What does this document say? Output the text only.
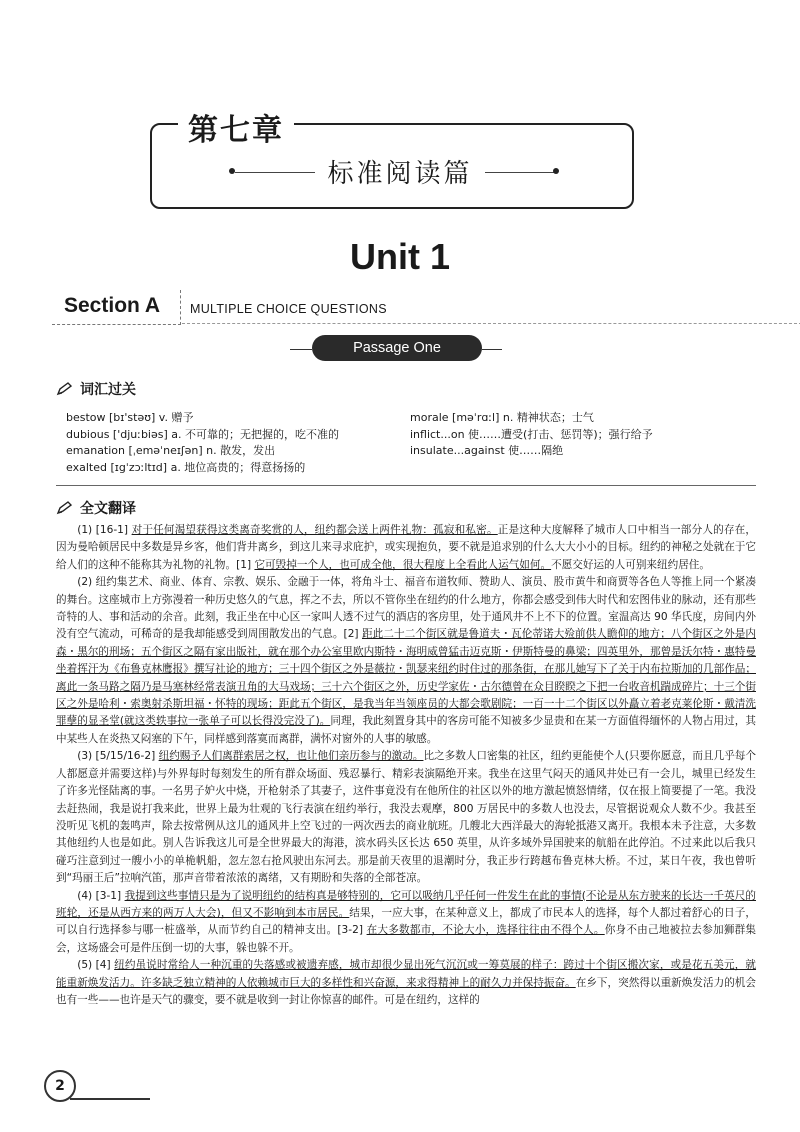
第七章
标准阅读篇
Unit 1
Section A MULTIPLE CHOICE QUESTIONS
Passage One
词汇过关
bestow [bɪ'stəʊ] v. 赠予
dubious ['djuːbiəs] a. 不可靠的；无把握的，吃不准的
emanation [ˌeməˈneɪʃən] n. 散发，发出
exalted [ɪgˈzɔːltɪd] a. 地位高贵的；得意扬扬的
morale [məˈrɑːl] n. 精神状态；士气
inflict...on 使……遭受(打击、惩罚等)；强行给予
insulate...against 使……隔绝
全文翻译

(1) [16-1] 对于任何渴望获得这类离奇奖赏的人，纽约都会送上两件礼物：孤寂和私密。正是这种大度解释了城市人口中相当一部分人的存在，因为曼哈顿居民中多数是异乡客，他们背井离乡，到这儿来寻求庇护，或实现抱负，要不就是追求别的什么大大小小的目标。纽约的神秘之处就在于它给人们的这种不能称其为礼物的礼物。[1] 它可毁掉一个人，也可成全他，很大程度上全看此人运气如何。不愿交好运的人可别来纽约居住。

(2) 纽约集艺术、商业、体育、宗教、娱乐、金融于一体，将角斗士、福音布道牧师、赞助人、演员、股市黄牛和商贾等各色人等推上同一个紧凑的舞台。这座城市上方弥漫着一种历史悠久的气息，挥之不去，所以不管你坐在纽约的什么地方，你都会感受到伟大时代和宏图伟业的脉动，还有那些奇特的人、事和活动的余音。此刻，我正坐在中心区一家叫人透不过气的酒店的客房里，处于通风井不上不下的位置。室温高达 90 华氏度，房间内外没有空气流动，可稀奇的是我却能感受到周围散发出的气息。[2] 距此二十二个街区就是鲁道夫・瓦伦蒂诺大殓前供人瞻仰的地方；八个街区之外是内森・黑尔的刑场；五个街区之隔有家出版社，就在那个办公室里欧内斯特・海明威曾猛击迈克斯・伊斯特曼的鼻梁；四英里外，那曾是沃尔特・惠特曼坐着挥汗为《布鲁克林鹰报》撰写社论的地方；三十四个街区之外是薇拉・凯瑟来纽约时住过的那条街，在那儿她写下了关于内布拉斯加的几部作品；离此一条马路之隔乃是马塞林经常表演丑角的大马戏场；三十六个街区之外，历史学家佐・古尔德曾在众目睽睽之下把一台收音机踹成碎片；十三个街区之外是哈利・索奥射杀斯坦福・怀特的现场；距此五个街区，是我当年当领座员的大都会歌剧院；一百一十二个街区以外矗立着老克莱伦斯・戴清洗罪孽的显圣堂(就这类轶事拉一张单子可以长得没完没了)。同理，我此刻置身其中的客房可能不知被多少显贵和在某一方面值得缅怀的人物占用过，其中某些人在炎热又闷塞的下午，同样感到落寞而离群，满怀对窗外的人事的敏感。

(3) [5/15/16-2] 纽约赐予人们离群索居之权，也让他们亲历参与的激动。比之多数人口密集的社区，纽约更能使个人(只要你愿意，而且几乎每个人都愿意并需要这样)与外界每时每刻发生的所有群众场面、残忍暴行、精彩表演隔绝开来。我坐在这里气闷天的通风井处已有一会儿，城里已经发生了许多光怪陆离的事。一名男子妒火中烧，开枪射杀了其妻子，这件事竟没有在他所住的社区以外的地方激起愤怒情绪，仅在报上简要提了一笔。我没去赶热闹，我是说打我来此，世界上最为壮观的飞行表演在纽约举行，我没去观摩，800 万居民中的多数人也没去，尽管据说观众人数不少。我甚至没听见飞机的轰鸣声，除去按常例从这儿的通风井上空飞过的一两次西去的商业航班。几艘北大西洋最大的海轮抵港又离开。我根本未予注意，大多数其他纽约人也是如此。别人告诉我这儿可是全世界最大的海港，滨水码头区长达 650 英里，从许多域外异国驶来的航船在此停泊。不过来此以后我只碰巧注意到过一艘小小的单桅帆船，忽左忽右抢风驶出东河去。那是前天夜里的退潮时分，我正步行跨越布鲁克林大桥。不过，某日午夜，我也曾听到“玛丽王后”拉响汽笛，那声音带着浓浓的离绪，又有期盼和失落的全部苍凉。

(4) [3-1] 我提到这些事情只是为了说明纽约的结构真是够特别的，它可以吸纳几乎任何一件发生在此的事情(不论是从东方驶来的长达一千英尺的班轮，还是从西方来的两万人大会)，但又不影响到本市居民。结果，一应大事，在某种意义上，都成了市民本人的选择，每个人都过着舒心的日子，可以自行选择参与哪一桩盛举，从而节约自己的精神支出。[3-2] 在大多数都市，不论大小，选择往往由不得个人。你身不由己地被拉去参加狮群集会，这场盛会可是件压倒一切的大事，躲也躲不开。

(5) [4] 纽约虽说时常给人一种沉重的失落感或被遗弃感，城市却很少显出死气沉沉或一筹莫展的样子：跨过十个街区搬次家，或是花五美元，就能重新焕发活力。许多缺乏独立精神的人依赖城市巨大的多样性和兴奋源，来求得精神上的耐久力并保持振奋。在乡下，突然得以重新焕发活力的机会也有一些——也许是天气的骤变，要不就是收到一封让你惊喜的邮件。可是在纽约，这样的

2
